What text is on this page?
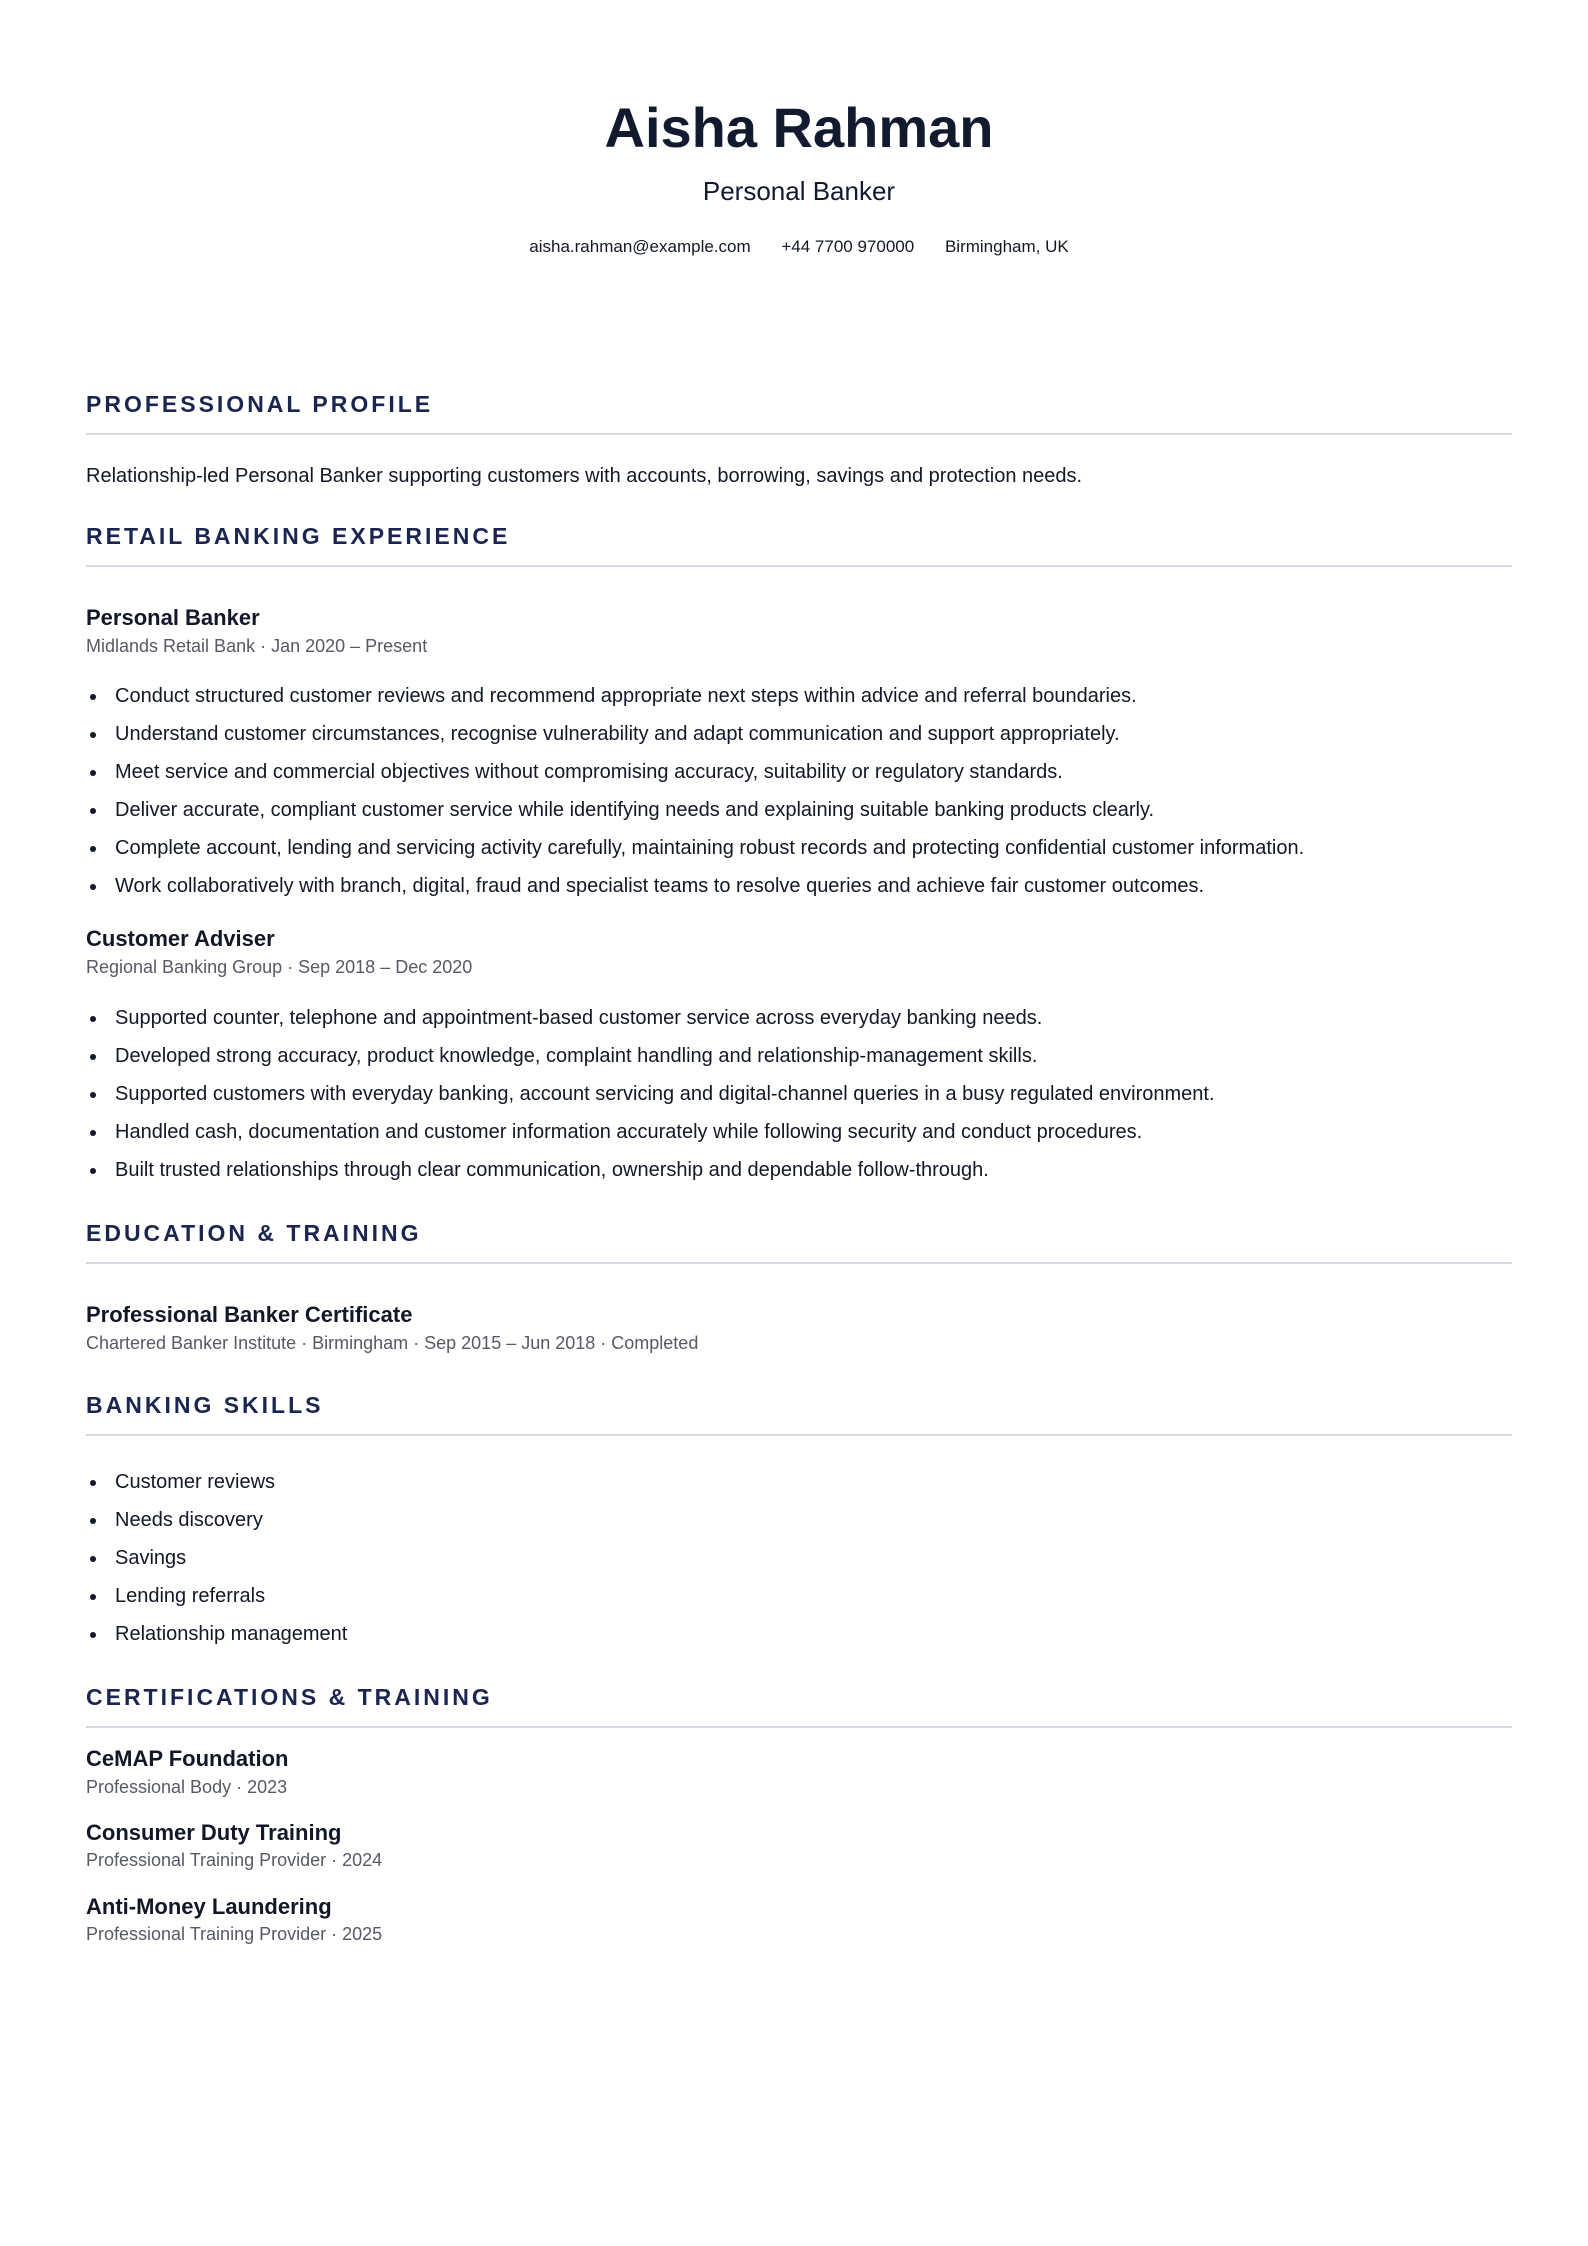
Aisha Rahman
Personal Banker
aisha.rahman@example.com +44 7700 970000 Birmingham, UK
PROFESSIONAL PROFILE
Relationship-led Personal Banker supporting customers with accounts, borrowing, savings and protection needs.
RETAIL BANKING EXPERIENCE
Personal Banker
Midlands Retail Bank · Jan 2020 – Present
Conduct structured customer reviews and recommend appropriate next steps within advice and referral boundaries.
Understand customer circumstances, recognise vulnerability and adapt communication and support appropriately.
Meet service and commercial objectives without compromising accuracy, suitability or regulatory standards.
Deliver accurate, compliant customer service while identifying needs and explaining suitable banking products clearly.
Complete account, lending and servicing activity carefully, maintaining robust records and protecting confidential customer information.
Work collaboratively with branch, digital, fraud and specialist teams to resolve queries and achieve fair customer outcomes.
Customer Adviser
Regional Banking Group · Sep 2018 – Dec 2020
Supported counter, telephone and appointment-based customer service across everyday banking needs.
Developed strong accuracy, product knowledge, complaint handling and relationship-management skills.
Supported customers with everyday banking, account servicing and digital-channel queries in a busy regulated environment.
Handled cash, documentation and customer information accurately while following security and conduct procedures.
Built trusted relationships through clear communication, ownership and dependable follow-through.
EDUCATION & TRAINING
Professional Banker Certificate
Chartered Banker Institute · Birmingham · Sep 2015 – Jun 2018 · Completed
BANKING SKILLS
Customer reviews
Needs discovery
Savings
Lending referrals
Relationship management
CERTIFICATIONS & TRAINING
CeMAP Foundation
Professional Body · 2023
Consumer Duty Training
Professional Training Provider · 2024
Anti-Money Laundering
Professional Training Provider · 2025
